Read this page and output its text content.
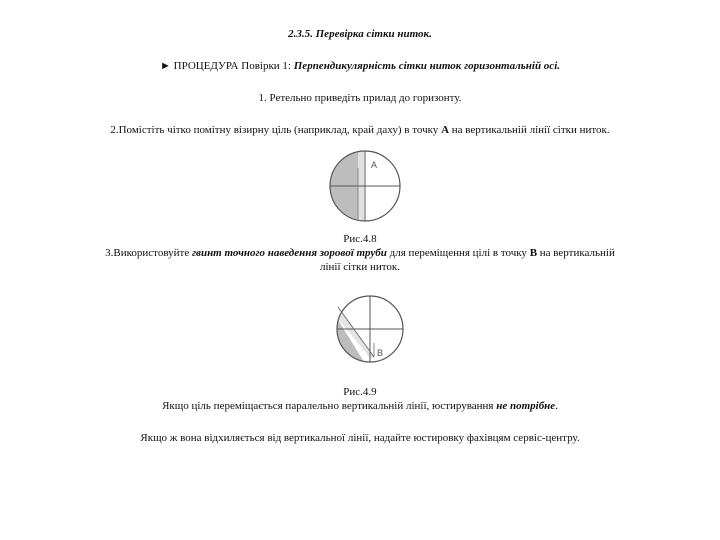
2.3.5. Перевірка сітки ниток.
► ПРОЦЕДУРА Повірки 1: Перпендикулярність сітки ниток горизонтальній осі.
1. Ретельно приведіть прилад до горизонту.
2.Помістіть чітко помітну візирну ціль (наприклад, край даху) в точку A на вертикальній лінії сітки ниток.
A
Рис.4.8
3.Використовуйте гвинт точного наведення зорової труби для переміщення цілі в точку B на вертикальній
лінії сітки ниток.
B
Рис.4.9
Якщо ціль переміщається паралельно вертикальній лінії, юстирування не потрібне.
Якщо ж вона відхиляється від вертикальної лінії, надайте юстировку фахівцям сервіс-центру.
